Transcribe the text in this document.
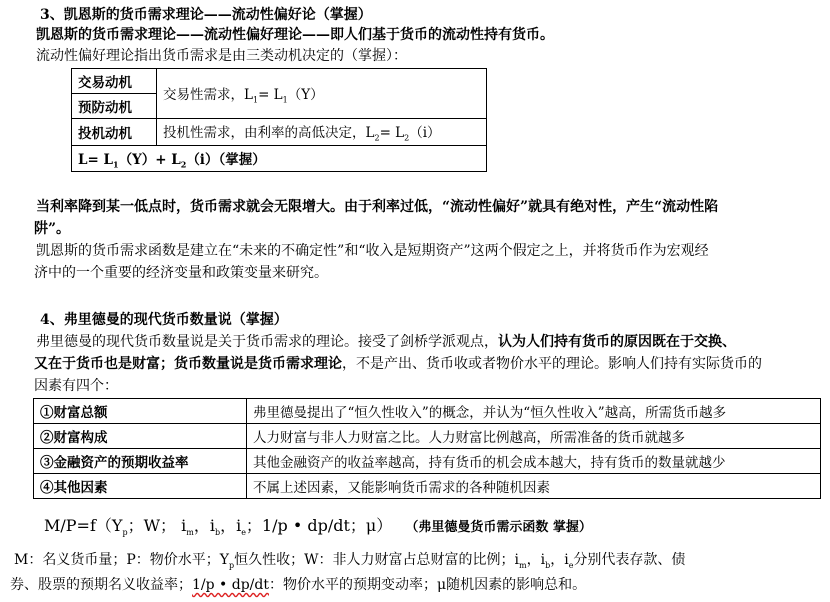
3、凯恩斯的货币需求理论——流动性偏好论（掌握）
凯恩斯的货币需求理论——流动性偏好理论——即人们基于货币的流动性持有货币。
流动性偏好理论指出货币需求是由三类动机决定的（掌握）：
交易动机	交易性需求，$L_1= L_1(Y)$
预防动机	
投机动机	投机性需求，由利率的高低决定，$L_2= L_2(i)$
$L= L_1(Y)+ L_2(i)$（掌握）	
当利率降到某一低点时，货币需求就会无限增大。由于利率过低，“流动性偏好”就具有绝对性，产生“流动性陷
阱”。
凯恩斯的货币需求函数是建立在“未来的不确定性”和“收入是短期资产”这两个假定之上，并将货币作为宏观经
济中的一个重要的经济变量和政策变量来研究。
4、弗里德曼的现代货币数量说（掌握）
弗里德曼的现代货币数量说是关于货币需求的理论。接受了剑桥学派观点，认为人们持有货币的原因既在于交换、
又在于货币也是财富；货币数量说是货币需求理论，不是产出、货币收或者物价水平的理论。影响人们持有实际货币的
因素有四个：
①财富总额	弗里德曼提出了“恒久性收入”的概念，并认为“恒久性收入”越高，所需货币越多
②财富构成	人力财富与非人力财富之比。人力财富比例越高，所需准备的货币就越多
③金融资产的预期收益率	其他金融资产的收益率越高，持有货币的机会成本越大，持有货币的数量就越少
④其他因素	不属上述因素，又能影响货币需求的各种随机因素
$M/P=f(Y_p$；W； $i_m$，$i_b$，$i_e$；1/p • dp/dt；μ） （弗里德曼货币需示函数 掌握）
M：名义货币量；P：物价水平；$Y_p$恒久性收；W：非人力财富占总财富的比例；$i_m$，$i_b$，$i_e$分别代表存款、债
券、股票的预期名义收益率；1/p • dp/dt：物价水平的预期变动率；μ随机因素的影响总和。
